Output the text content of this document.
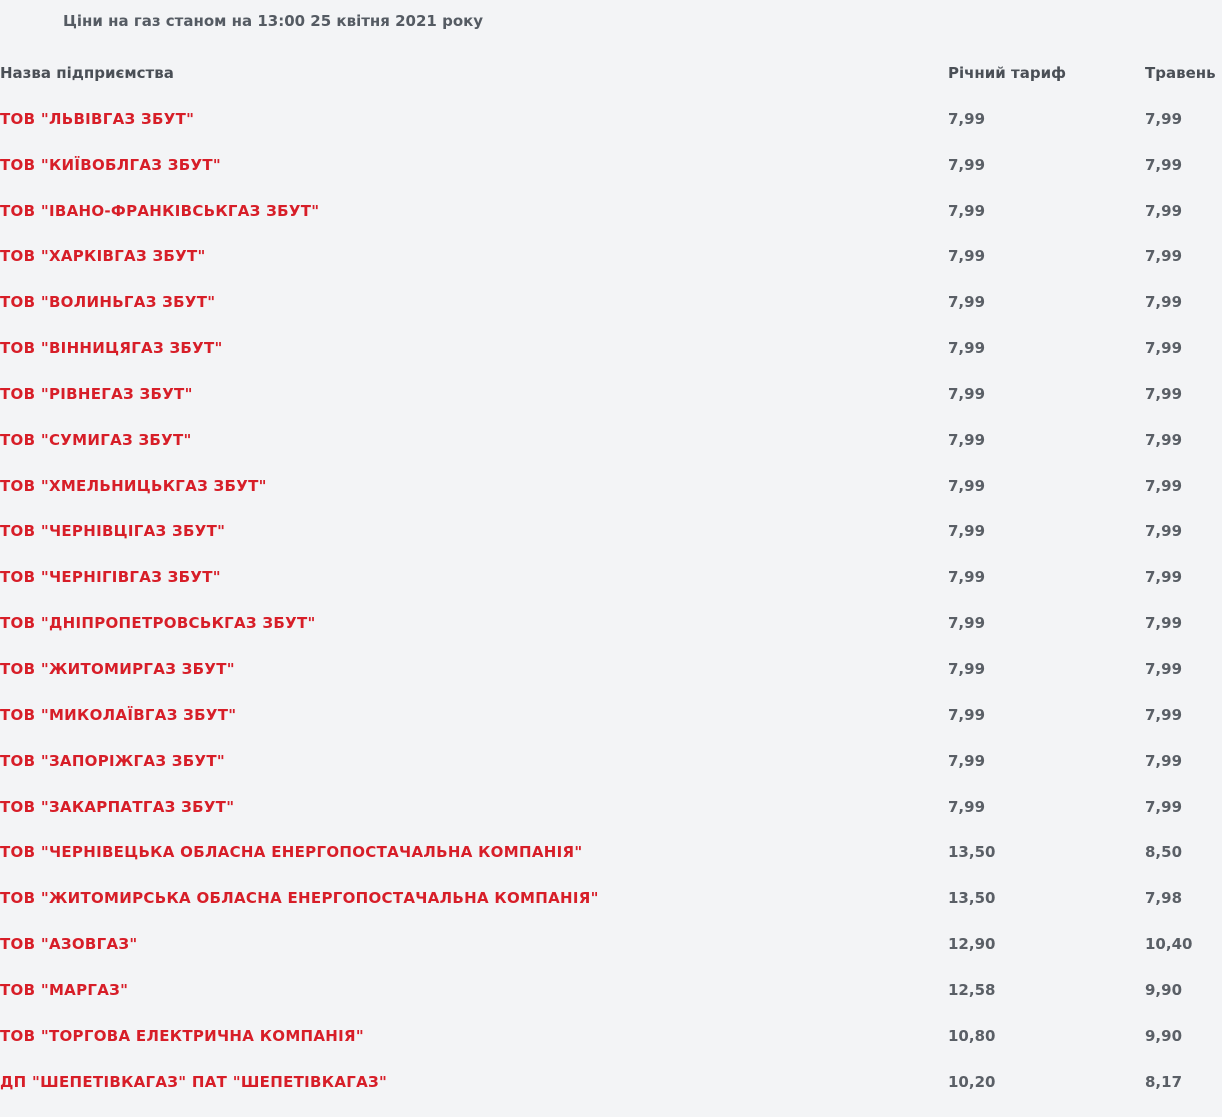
Ціни на газ станом на 13:00 25 квітня 2021 року
Назва підприємства	Річний тариф	Травень
ТОВ "ЛЬВІВГАЗ ЗБУТ"	7,99	7,99
ТОВ "КИЇВОБЛГАЗ ЗБУТ"	7,99	7,99
ТОВ "ІВАНО-ФРАНКІВСЬКГАЗ ЗБУТ"	7,99	7,99
ТОВ "ХАРКІВГАЗ ЗБУТ"	7,99	7,99
ТОВ "ВОЛИНЬГАЗ ЗБУТ"	7,99	7,99
ТОВ "ВІННИЦЯГАЗ ЗБУТ"	7,99	7,99
ТОВ "РІВНЕГАЗ ЗБУТ"	7,99	7,99
ТОВ "СУМИГАЗ ЗБУТ"	7,99	7,99
ТОВ "ХМЕЛЬНИЦЬКГАЗ ЗБУТ"	7,99	7,99
ТОВ "ЧЕРНІВЦІГАЗ ЗБУТ"	7,99	7,99
ТОВ "ЧЕРНІГІВГАЗ ЗБУТ"	7,99	7,99
ТОВ "ДНІПРОПЕТРОВСЬКГАЗ ЗБУТ"	7,99	7,99
ТОВ "ЖИТОМИРГАЗ ЗБУТ"	7,99	7,99
ТОВ "МИКОЛАЇВГАЗ ЗБУТ"	7,99	7,99
ТОВ "ЗАПОРІЖГАЗ ЗБУТ"	7,99	7,99
ТОВ "ЗАКАРПАТГАЗ ЗБУТ"	7,99	7,99
ТОВ "ЧЕРНІВЕЦЬКА ОБЛАСНА ЕНЕРГОПОСТАЧАЛЬНА КОМПАНІЯ"	13,50	8,50
ТОВ "ЖИТОМИРСЬКА ОБЛАСНА ЕНЕРГОПОСТАЧАЛЬНА КОМПАНІЯ"	13,50	7,98
ТОВ "АЗОВГАЗ"	12,90	10,40
ТОВ "МАРГАЗ"	12,58	9,90
ТОВ "ТОРГОВА ЕЛЕКТРИЧНА КОМПАНІЯ"	10,80	9,90
ДП "ШЕПЕТІВКАГАЗ" ПАТ "ШЕПЕТІВКАГАЗ"	10,20	8,17
